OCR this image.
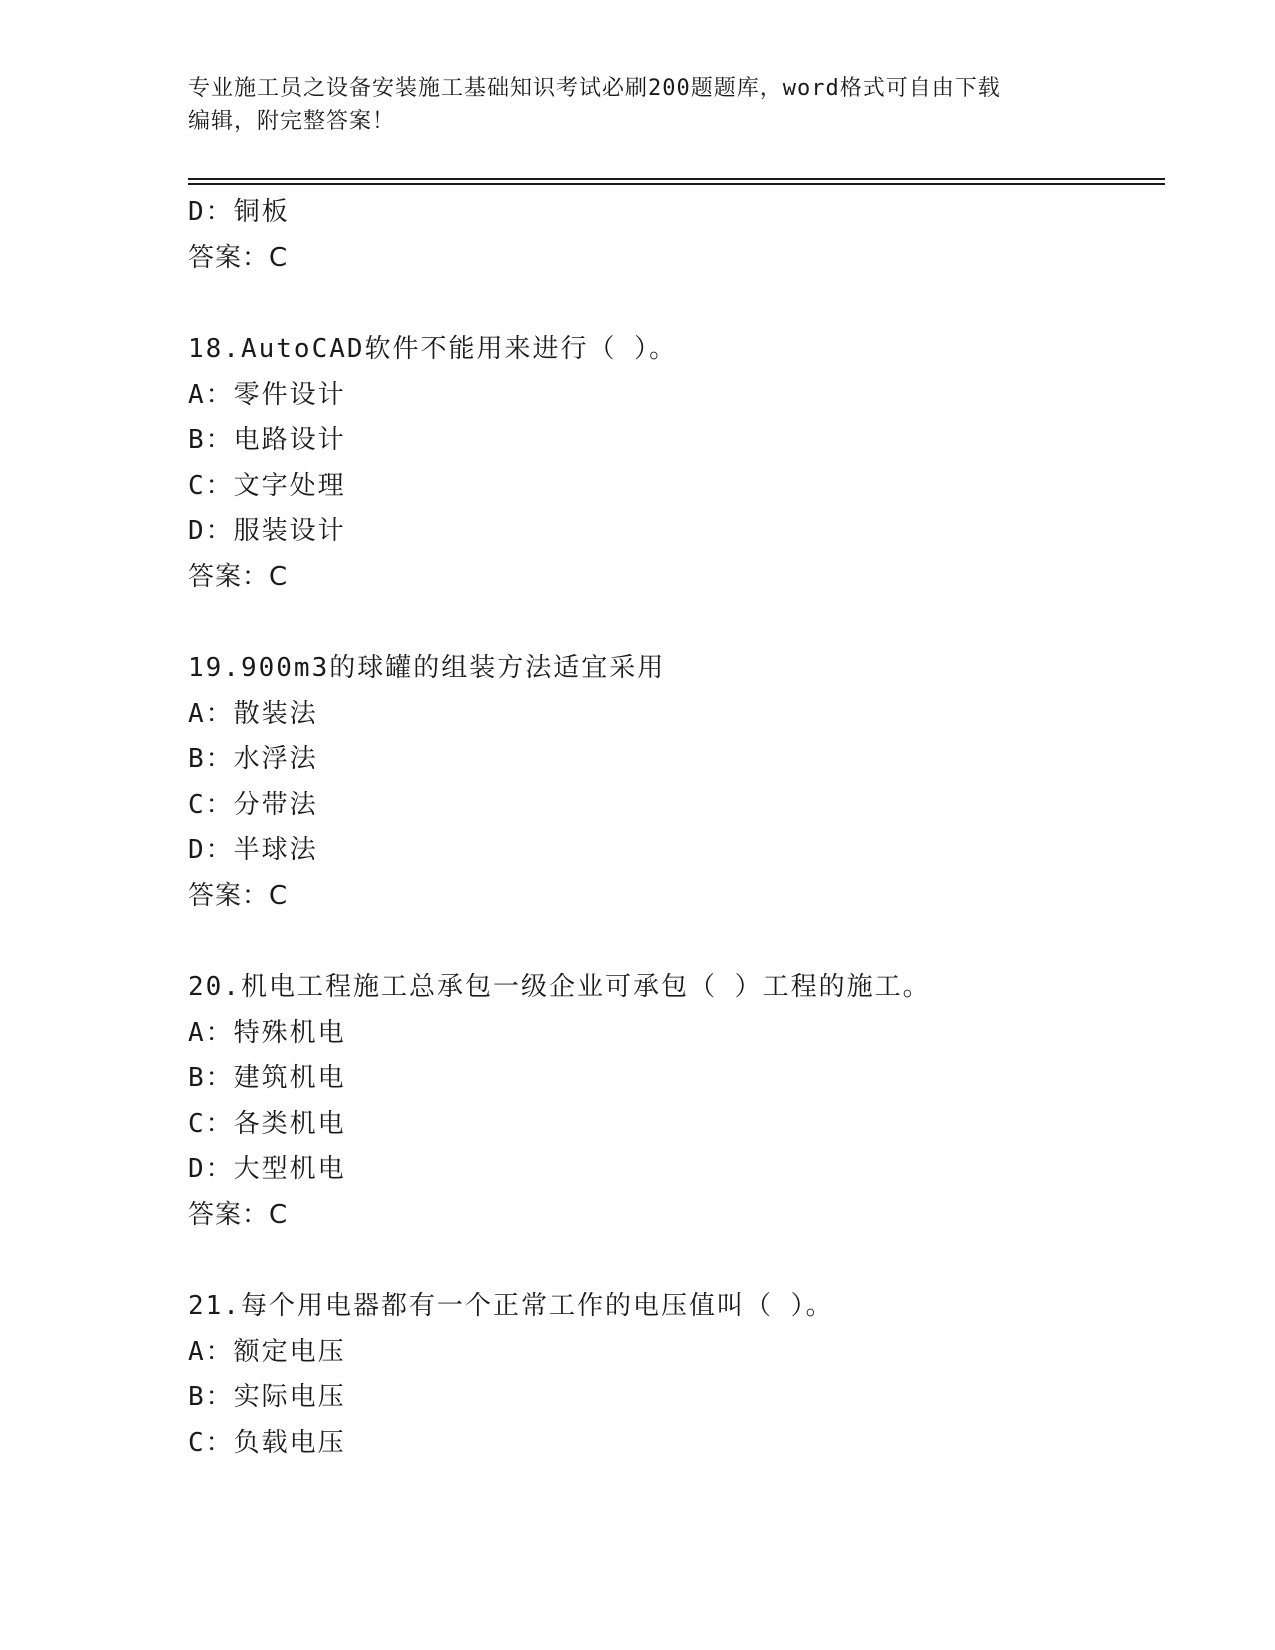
专业施工员之设备安装施工基础知识考试必刷200题题库，word格式可自由下载
编辑，附完整答案！
D：铜板
答案：C
18.AutoCAD软件不能用来进行（ ）。
A：零件设计
B：电路设计
C：文字处理
D：服装设计
答案：C
19.900m3的球罐的组装方法适宜采用
A：散装法
B：水浮法
C：分带法
D：半球法
答案：C
20.机电工程施工总承包一级企业可承包（ ）工程的施工。
A：特殊机电
B：建筑机电
C：各类机电
D：大型机电
答案：C
21.每个用电器都有一个正常工作的电压值叫（ ）。
A：额定电压
B：实际电压
C：负载电压
